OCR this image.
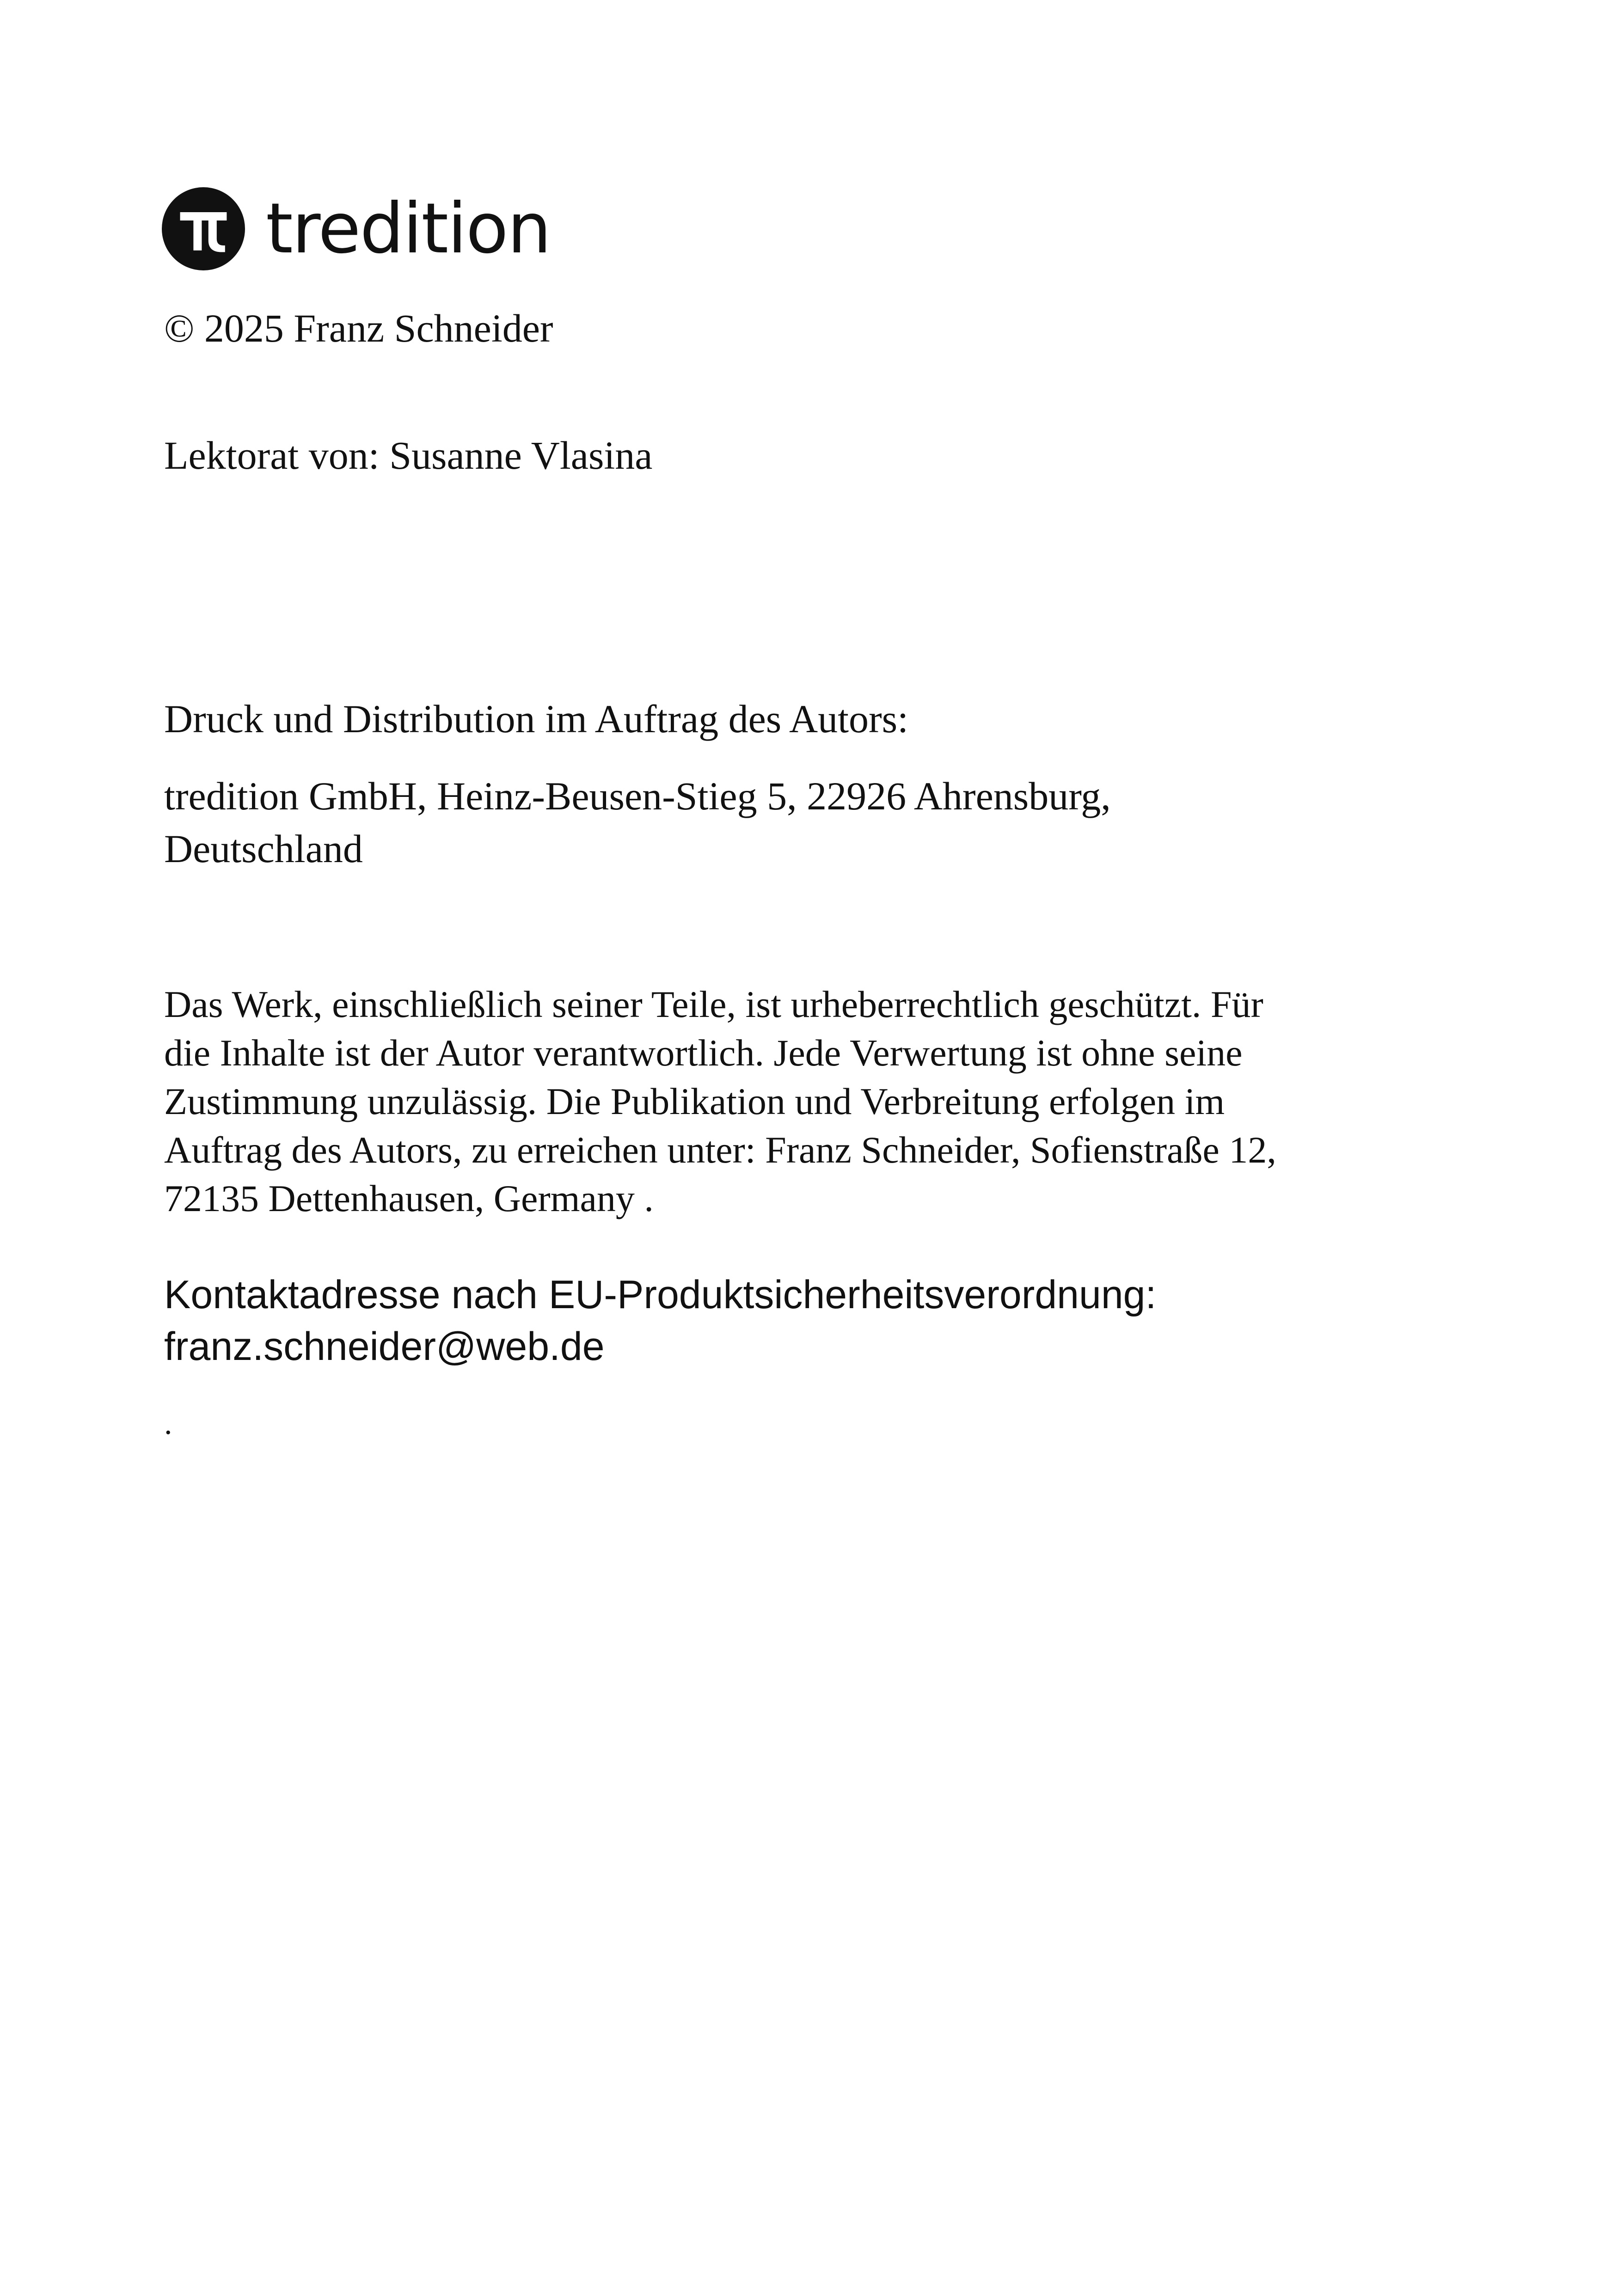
tredition
© 2025 Franz Schneider
Lektorat von: Susanne Vlasina
Druck und Distribution im Auftrag des Autors:
tredition GmbH, Heinz-Beusen-Stieg 5, 22926 Ahrensburg,
Deutschland
Das Werk, einschließlich seiner Teile, ist urheberrechtlich geschützt. Für
die Inhalte ist der Autor verantwortlich. Jede Verwertung ist ohne seine
Zustimmung unzulässig. Die Publikation und Verbreitung erfolgen im
Auftrag des Autors, zu erreichen unter: Franz Schneider, Sofienstraße 12,
72135 Dettenhausen, Germany .
Kontaktadresse nach EU-Produktsicherheitsverordnung:
franz.schneider@web.de
.
